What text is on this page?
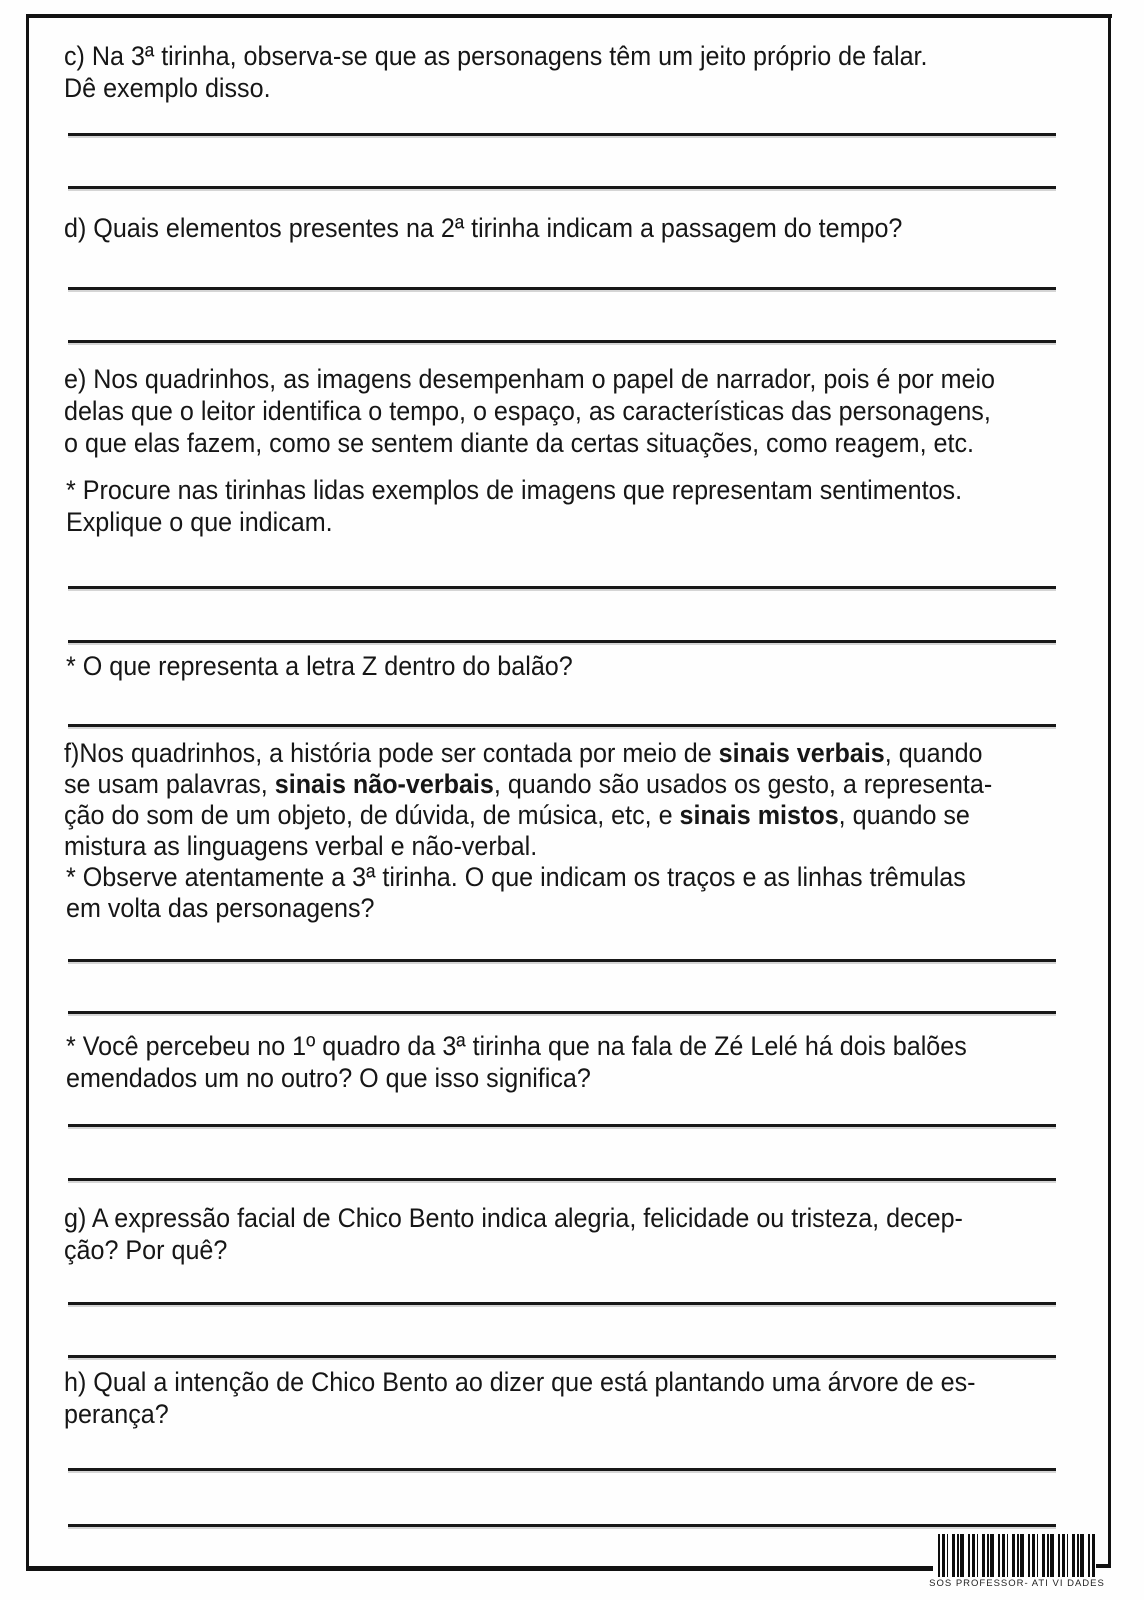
c) Na 3ª tirinha, observa-se que as personagens têm um jeito próprio de falar.
Dê exemplo disso.
d) Quais elementos presentes na 2ª tirinha indicam a passagem do tempo?
e) Nos quadrinhos, as imagens desempenham o papel de narrador, pois é por meio
delas que o leitor identifica o tempo, o espaço, as características das personagens,
o que elas fazem, como se sentem diante da certas situações, como reagem, etc.
* Procure nas tirinhas lidas exemplos de imagens que representam sentimentos.
Explique o que indicam.
* O que representa a letra Z dentro do balão?
f)Nos quadrinhos, a história pode ser contada por meio de sinais verbais, quando
se usam palavras, sinais não-verbais, quando são usados os gesto, a representa-
ção do som de um objeto, de dúvida, de música, etc, e sinais mistos, quando se
mistura as linguagens verbal e não-verbal.
* Observe atentamente a 3ª tirinha. O que indicam os traços e as linhas trêmulas
em volta das personagens?
* Você percebeu no 1º quadro da 3ª tirinha que na fala de Zé Lelé há dois balões
emendados um no outro? O que isso significa?
g) A expressão facial de Chico Bento indica alegria, felicidade ou tristeza, decep-
ção? Por quê?
h) Qual a intenção de Chico Bento ao dizer que está plantando uma árvore de es-
perança?
SOS PROFESSOR- ATI VI DADES
